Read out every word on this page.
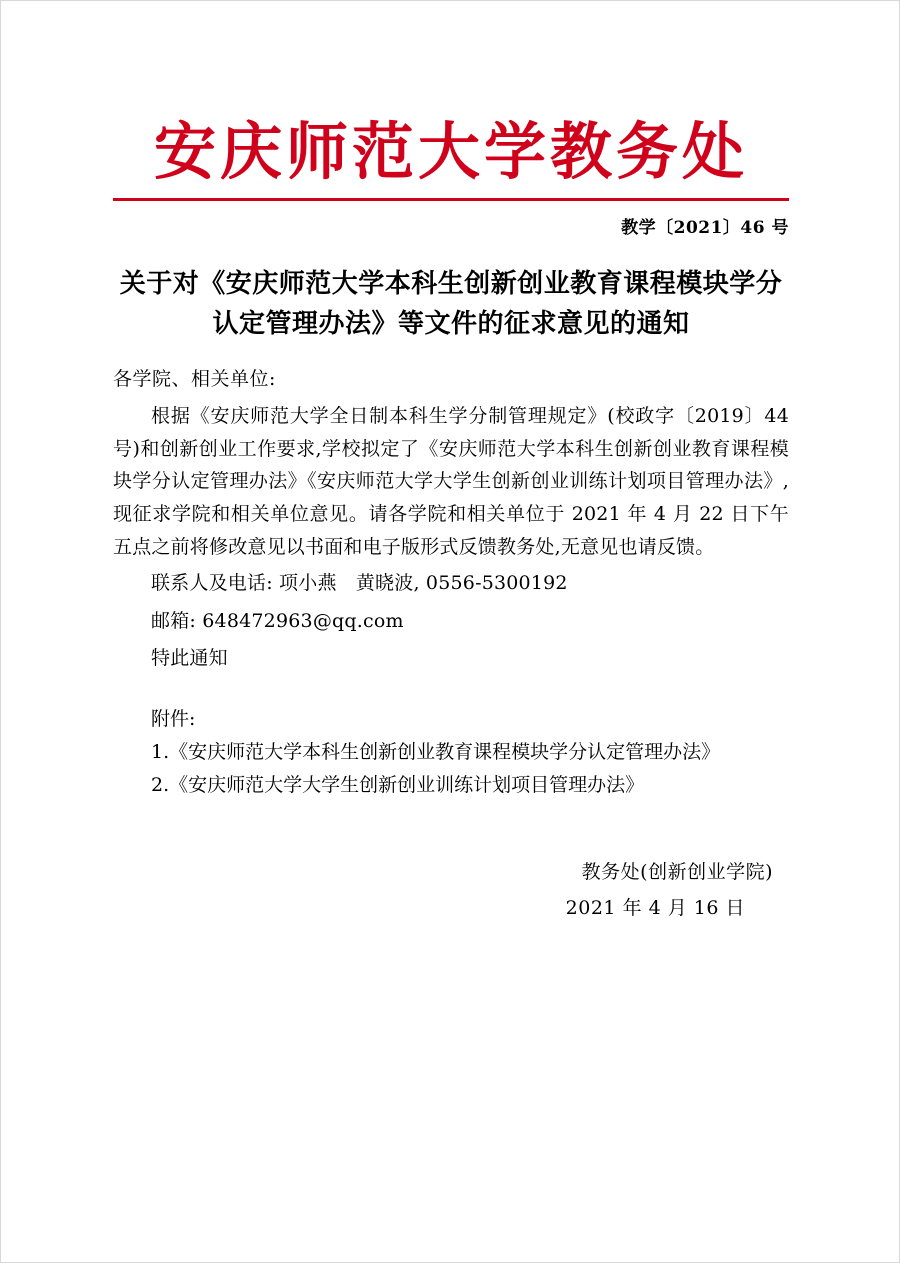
安庆师范大学教务处
教学〔2021〕46 号
关于对《安庆师范大学本科生创新创业教育课程模块学分认定管理办法》等文件的征求意见的通知
各学院、相关单位:
根据《安庆师范大学全日制本科生学分制管理规定》(校政字〔2019〕44 号)和创新创业工作要求,学校拟定了《安庆师范大学本科生创新创业教育课程模块学分认定管理办法》《安庆师范大学大学生创新创业训练计划项目管理办法》,现征求学院和相关单位意见。请各学院和相关单位于 2021 年 4 月 22 日下午五点之前将修改意见以书面和电子版形式反馈教务处,无意见也请反馈。
联系人及电话: 项小燕　黄晓波, 0556-5300192
邮箱: 648472963@qq.com
特此通知
附件:
1.《安庆师范大学本科生创新创业教育课程模块学分认定管理办法》
2.《安庆师范大学大学生创新创业训练计划项目管理办法》
教务处(创新创业学院)
2021 年 4 月 16 日
